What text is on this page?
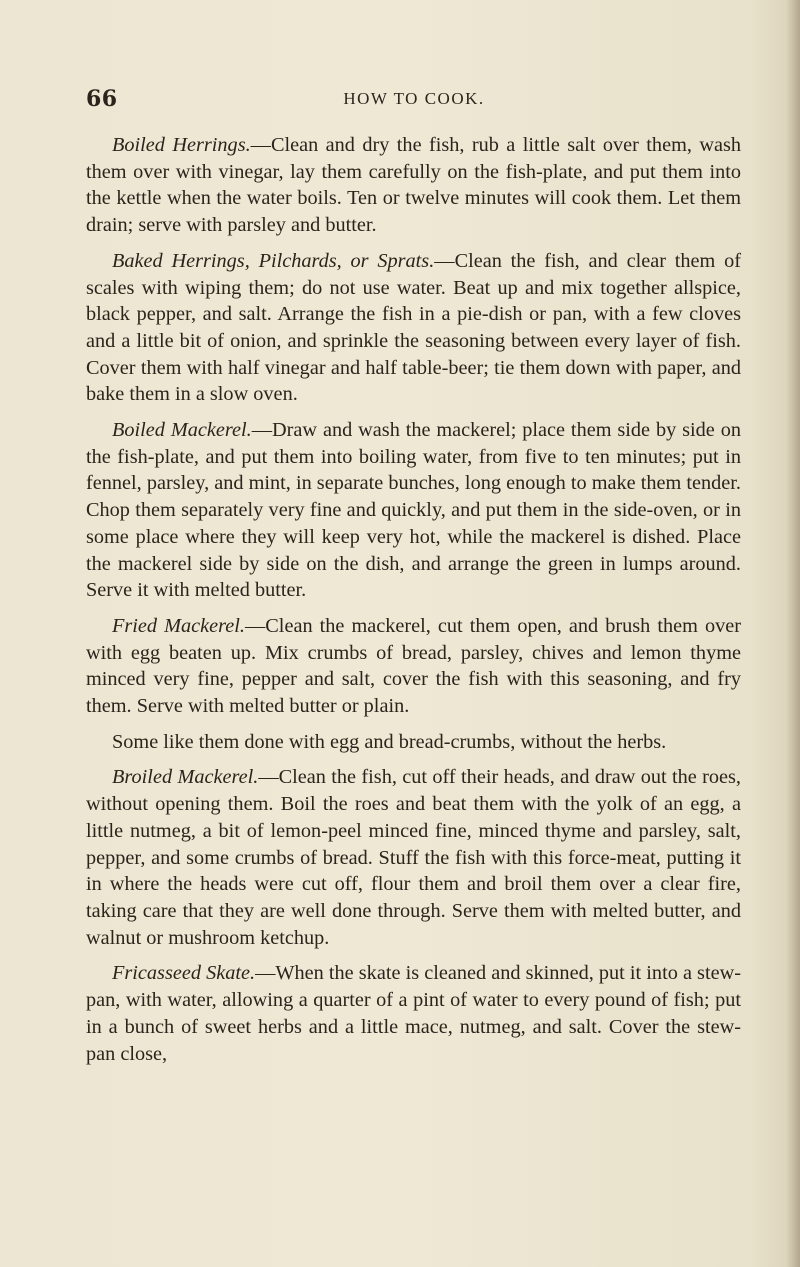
66	HOW TO COOK.

Boiled Herrings.—Clean and dry the fish, rub a little salt over them, wash them over with vinegar, lay them carefully on the fish-plate, and put them into the kettle when the water boils. Ten or twelve minutes will cook them. Let them drain; serve with parsley and butter.

Baked Herrings, Pilchards, or Sprats.—Clean the fish, and clear them of scales with wiping them; do not use water. Beat up and mix together allspice, black pepper, and salt. Arrange the fish in a pie-dish or pan, with a few cloves and a little bit of onion, and sprinkle the seasoning between every layer of fish. Cover them with half vinegar and half table-beer; tie them down with paper, and bake them in a slow oven.

Boiled Mackerel.—Draw and wash the mackerel; place them side by side on the fish-plate, and put them into boiling water, from five to ten minutes; put in fennel, parsley, and mint, in separate bunches, long enough to make them tender. Chop them separately very fine and quickly, and put them in the side-oven, or in some place where they will keep very hot, while the mackerel is dished. Place the mackerel side by side on the dish, and arrange the green in lumps around. Serve it with melted butter.

Fried Mackerel.—Clean the mackerel, cut them open, and brush them over with egg beaten up. Mix crumbs of bread, parsley, chives and lemon thyme minced very fine, pepper and salt, cover the fish with this seasoning, and fry them. Serve with melted butter or plain.

Some like them done with egg and bread-crumbs, without the herbs.

Broiled Mackerel.—Clean the fish, cut off their heads, and draw out the roes, without opening them. Boil the roes and beat them with the yolk of an egg, a little nutmeg, a bit of lemon-peel minced fine, minced thyme and parsley, salt, pepper, and some crumbs of bread. Stuff the fish with this force-meat, putting it in where the heads were cut off, flour them and broil them over a clear fire, taking care that they are well done through. Serve them with melted butter, and walnut or mushroom ketchup.

Fricasseed Skate.—When the skate is cleaned and skinned, put it into a stew-pan, with water, allowing a quarter of a pint of water to every pound of fish; put in a bunch of sweet herbs and a little mace, nutmeg, and salt. Cover the stew-pan close,
